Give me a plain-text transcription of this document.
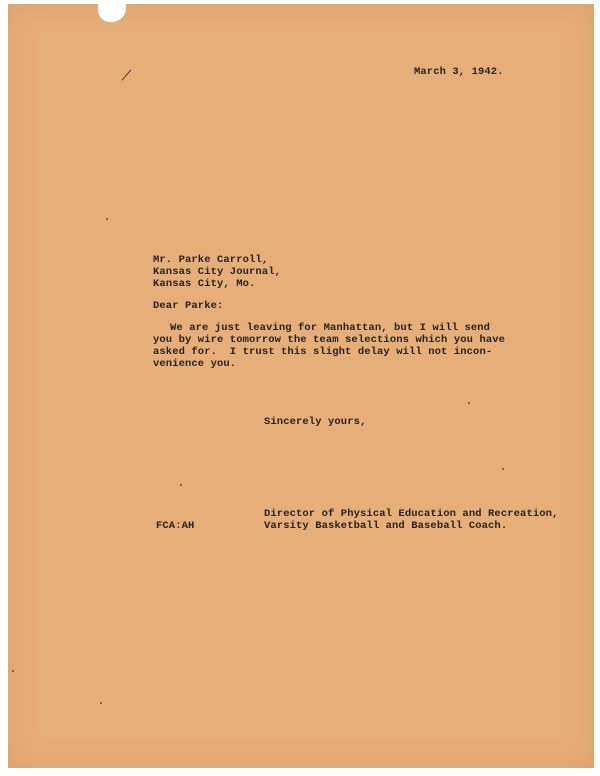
March 3, 1942.

Mr. Parke Carroll,

Kansas City Journal,

Kansas City, Mo.

Dear Parke:

We are just leaving for Manhattan, but I will send

you by wire tomorrow the team selections which you have

asked for.  I trust this slight delay will not incon-

venience you.

Sincerely yours,

Director of Physical Education and Recreation,

Varsity Basketball and Baseball Coach.

FCA:AH
